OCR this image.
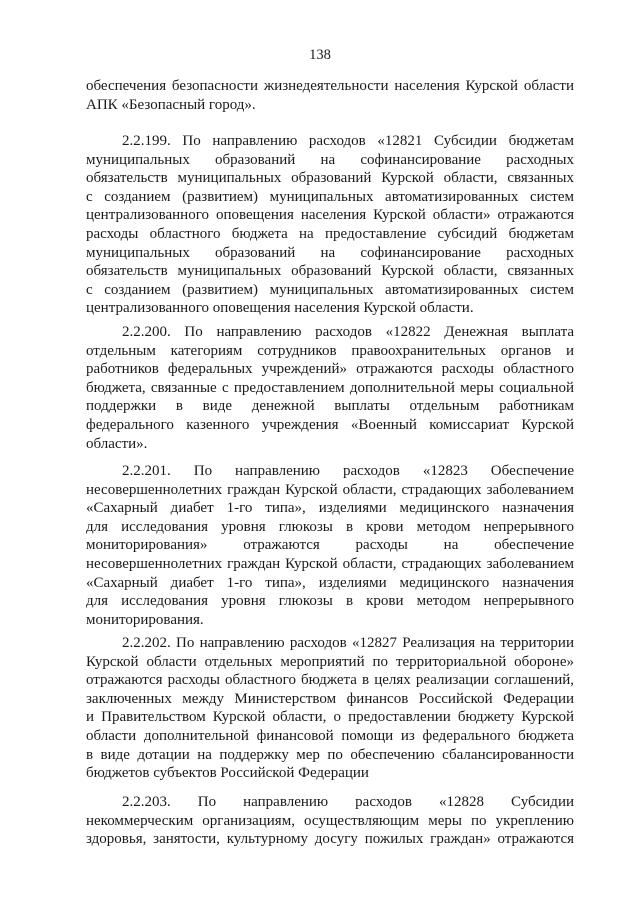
138
обеспечения безопасности жизнедеятельности населения Курской области
АПК «Безопасный город».
2.2.199. По направлению расходов «12821 Субсидии бюджетам
муниципальных образований на софинансирование расходных
обязательств муниципальных образований Курской области, связанных
с созданием (развитием) муниципальных автоматизированных систем
централизованного оповещения населения Курской области» отражаются
расходы областного бюджета на предоставление субсидий бюджетам
муниципальных образований на софинансирование расходных
обязательств муниципальных образований Курской области, связанных
с созданием (развитием) муниципальных автоматизированных систем
централизованного оповещения населения Курской области.
2.2.200. По направлению расходов «12822 Денежная выплата
отдельным категориям сотрудников правоохранительных органов и
работников федеральных учреждений» отражаются расходы областного
бюджета, связанные с предоставлением дополнительной меры социальной
поддержки в виде денежной выплаты отдельным работникам
федерального казенного учреждения «Военный комиссариат Курской
области».
2.2.201. По направлению расходов «12823 Обеспечение
несовершеннолетних граждан Курской области, страдающих заболеванием
«Сахарный диабет 1-го типа», изделиями медицинского назначения
для исследования уровня глюкозы в крови методом непрерывного
мониторирования» отражаются расходы на обеспечение
несовершеннолетних граждан Курской области, страдающих заболеванием
«Сахарный диабет 1-го типа», изделиями медицинского назначения
для исследования уровня глюкозы в крови методом непрерывного
мониторирования.
2.2.202. По направлению расходов «12827 Реализация на территории
Курской области отдельных мероприятий по территориальной обороне»
отражаются расходы областного бюджета в целях реализации соглашений,
заключенных между Министерством финансов Российской Федерации
и Правительством Курской области, о предоставлении бюджету Курской
области дополнительной финансовой помощи из федерального бюджета
в виде дотации на поддержку мер по обеспечению сбалансированности
бюджетов субъектов Российской Федерации
2.2.203. По направлению расходов «12828 Субсидии
некоммерческим организациям, осуществляющим меры по укреплению
здоровья, занятости, культурному досугу пожилых граждан» отражаются
